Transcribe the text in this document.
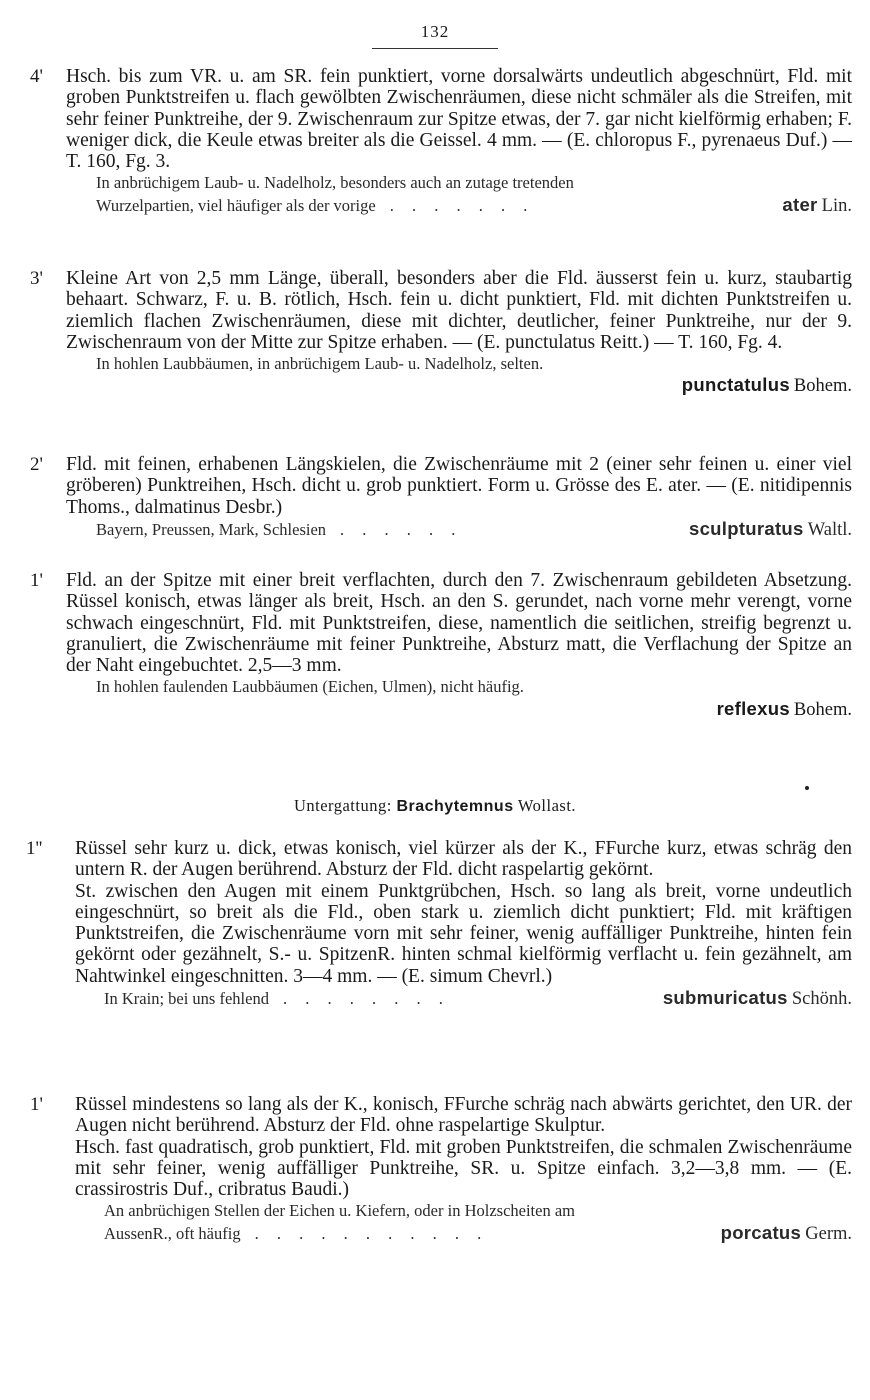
132
4'	Hsch. bis zum VR. u. am SR. fein punktiert, vorne dorsalwärts undeutlich abgeschnürt, Fld. mit groben Punktstreifen u. flach gewölbten Zwischenräumen, diese nicht schmäler als die Streifen, mit sehr feiner Punktreihe, der 9. Zwischenraum zur Spitze etwas, der 7. gar nicht kielförmig erhaben; F. weniger dick, die Keule etwas breiter als die Geissel. 4 mm. — (E. chloropus F., pyrenaeus Duf.) — T. 160, Fg. 3.

In anbrüchigem Laub- u. Nadelholz, besonders auch an zutage tretenden

Wurzelpartien, viel häufiger als der vorige . . . . . . .	ater Lin.
3'	Kleine Art von 2,5 mm Länge, überall, besonders aber die Fld. äusserst fein u. kurz, staubartig behaart. Schwarz, F. u. B. rötlich, Hsch. fein u. dicht punktiert, Fld. mit dichten Punktstreifen u. ziemlich flachen Zwischenräumen, diese mit dichter, deutlicher, feiner Punktreihe, nur der 9. Zwischenraum von der Mitte zur Spitze erhaben. — (E. punctulatus Reitt.) — T. 160, Fg. 4.

In hohlen Laubbäumen, in anbrüchigem Laub- u. Nadelholz, selten.

punctatulus Bohem.

2'	Fld. mit feinen, erhabenen Längskielen, die Zwischenräume mit 2 (einer sehr feinen u. einer viel gröberen) Punktreihen, Hsch. dicht u. grob punktiert. Form u. Grösse des E. ater. — (E. nitidipennis Thoms., dalmatinus Desbr.)

Bayern, Preussen, Mark, Schlesien . . . . . .	sculpturatus Waltl.
1'	Fld. an der Spitze mit einer breit verflachten, durch den 7. Zwischenraum gebildeten Absetzung. Rüssel konisch, etwas länger als breit, Hsch. an den S. gerundet, nach vorne mehr verengt, vorne schwach eingeschnürt, Fld. mit Punktstreifen, diese, namentlich die seitlichen, streifig begrenzt u. granuliert, die Zwischenräume mit feiner Punktreihe, Absturz matt, die Verflachung der Spitze an der Naht eingebuchtet. 2,5—3 mm.

In hohlen faulenden Laubbäumen (Eichen, Ulmen), nicht häufig.

reflexus Bohem.

Untergattung: Brachytemnus Wollast.
1''	Rüssel sehr kurz u. dick, etwas konisch, viel kürzer als der K., FFurche kurz, etwas schräg den untern R. der Augen berührend. Absturz der Fld. dicht raspelartig gekörnt.

St. zwischen den Augen mit einem Punktgrübchen, Hsch. so lang als breit, vorne undeutlich eingeschnürt, so breit als die Fld., oben stark u. ziemlich dicht punktiert; Fld. mit kräftigen Punktstreifen, die Zwischenräume vorn mit sehr feiner, wenig auffälliger Punktreihe, hinten fein gekörnt oder gezähnelt, S.- u. SpitzenR. hinten schmal kielförmig verflacht u. fein gezähnelt, am Nahtwinkel eingeschnitten. 3—4 mm. — (E. simum Chevrl.)

In Krain; bei uns fehlend . . . . . . . .	submuricatus Schönh.
1'	Rüssel mindestens so lang als der K., konisch, FFurche schräg nach abwärts gerichtet, den UR. der Augen nicht berührend. Absturz der Fld. ohne raspelartige Skulptur.

Hsch. fast quadratisch, grob punktiert, Fld. mit groben Punktstreifen, die schmalen Zwischenräume mit sehr feiner, wenig auffälliger Punktreihe, SR. u. Spitze einfach. 3,2—3,8 mm. — (E. crassirostris Duf., cribratus Baudi.)

An anbrüchigen Stellen der Eichen u. Kiefern, oder in Holzscheiten am

AussenR., oft häufig . . . . . . . . . . .	porcatus Germ.
